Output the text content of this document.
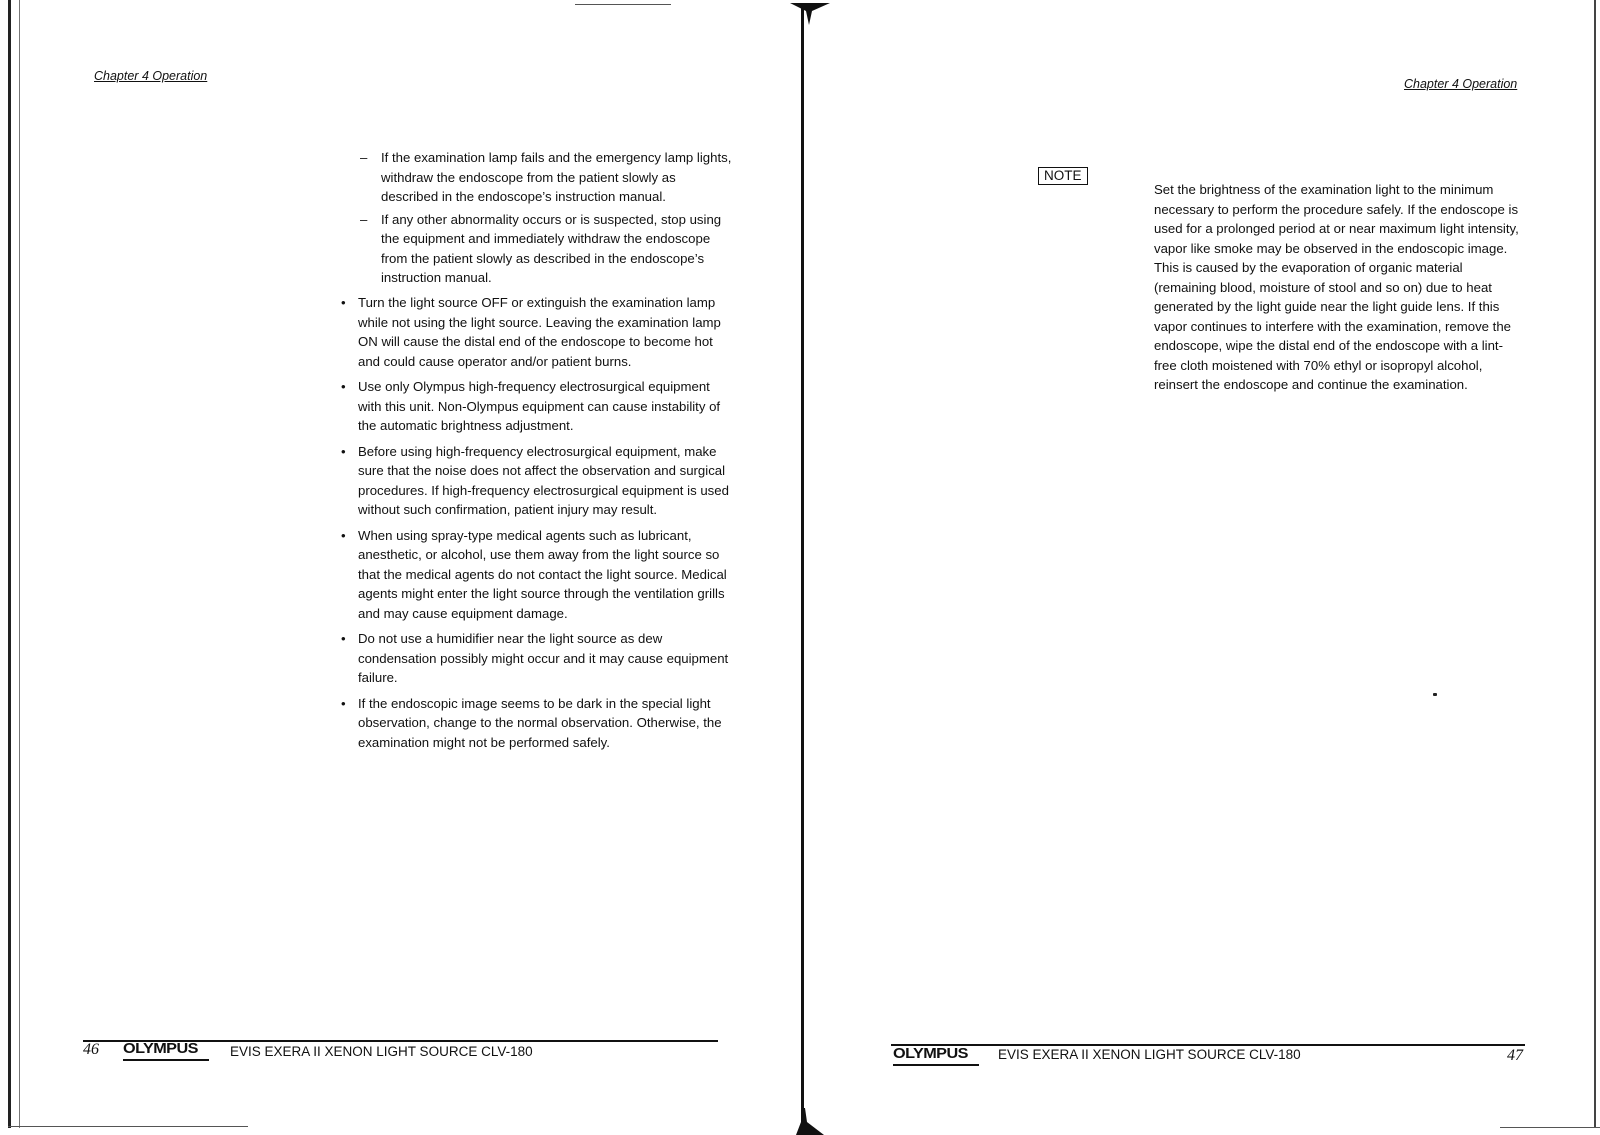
Chapter 4 Operation
– If the examination lamp fails and the emergency lamp lights, withdraw the endoscope from the patient slowly as described in the endoscope’s instruction manual.
– If any other abnormality occurs or is suspected, stop using the equipment and immediately withdraw the endoscope from the patient slowly as described in the endoscope’s instruction manual.
• Turn the light source OFF or extinguish the examination lamp while not using the light source. Leaving the examination lamp ON will cause the distal end of the endoscope to become hot and could cause operator and/or patient burns.
• Use only Olympus high-frequency electrosurgical equipment with this unit. Non-Olympus equipment can cause instability of the automatic brightness adjustment.
• Before using high-frequency electrosurgical equipment, make sure that the noise does not affect the observation and surgical procedures. If high-frequency electrosurgical equipment is used without such confirmation, patient injury may result.
• When using spray-type medical agents such as lubricant, anesthetic, or alcohol, use them away from the light source so that the medical agents do not contact the light source. Medical agents might enter the light source through the ventilation grills and may cause equipment damage.
• Do not use a humidifier near the light source as dew condensation possibly might occur and it may cause equipment failure.
• If the endoscopic image seems to be dark in the special light observation, change to the normal observation. Otherwise, the examination might not be performed safely.
46 OLYMPUS EVIS EXERA II XENON LIGHT SOURCE CLV-180
Chapter 4 Operation
NOTE

Set the brightness of the examination light to the minimum necessary to perform the procedure safely. If the endoscope is used for a prolonged period at or near maximum light intensity, vapor like smoke may be observed in the endoscopic image. This is caused by the evaporation of organic material (remaining blood, moisture of stool and so on) due to heat generated by the light guide near the light guide lens. If this vapor continues to interfere with the examination, remove the endoscope, wipe the distal end of the endoscope with a lint-free cloth moistened with 70% ethyl or isopropyl alcohol, reinsert the endoscope and continue the examination.

OLYMPUS EVIS EXERA II XENON LIGHT SOURCE CLV-180	47
